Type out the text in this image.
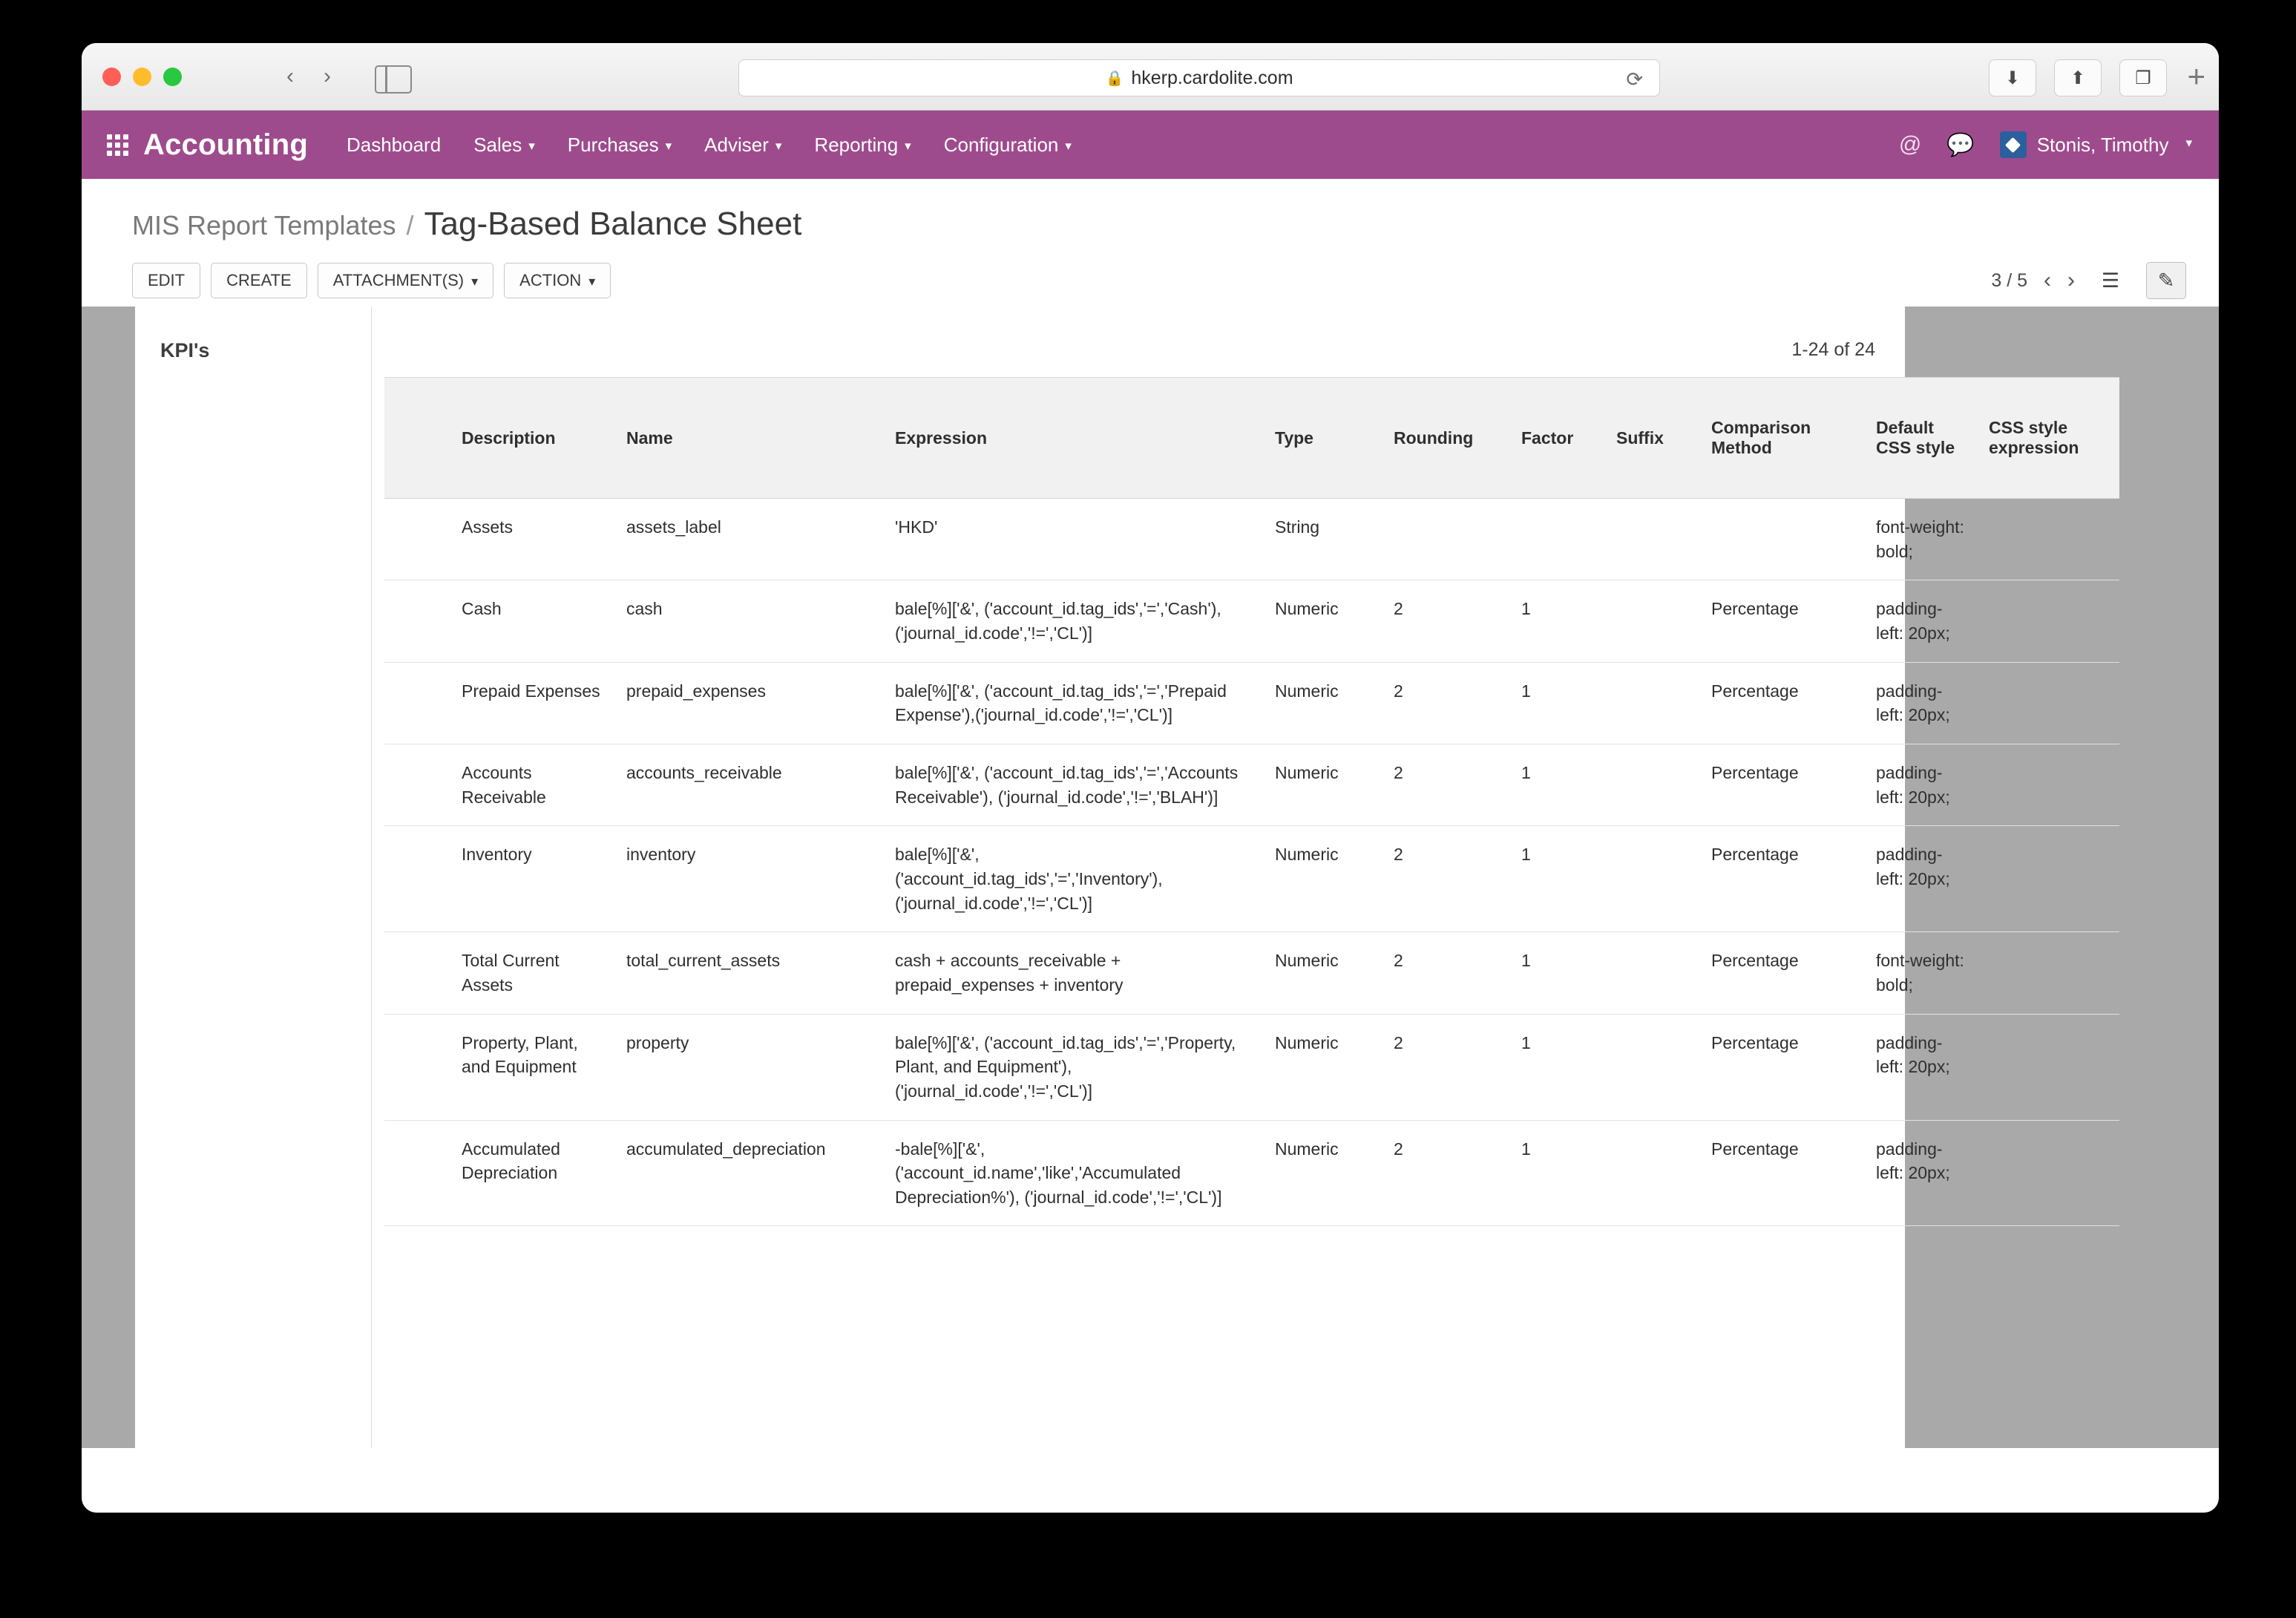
‹	›	🔒 hkerp.cardolite.com	⟳	⬇	⬆	❐	+
Accounting Dashboard Sales ▾ Purchases ▾ Adviser ▾ Reporting ▾ Configuration ▾	@ 💬	Stonis, Timothy ▾
MIS Report Templates / Tag-Based Balance Sheet
EDIT	CREATE	ATTACHMENT(S) ▾	ACTION ▾	3 / 5 ‹ ›	☰	✎
KPI's	1-24 of 24
	Description	Name	Expression	Type	Rounding	Factor	Suffix	Comparison Method	Default CSS style	CSS style expression
	Assets	assets_label	'HKD'	String					font-weight: bold;	
	Cash	cash	bale[%]['&', ('account_id.tag_ids','=','Cash'), ('journal_id.code','!=','CL')]	Numeric	2	1		Percentage	padding-left: 20px;	
	Prepaid Expenses	prepaid_expenses	bale[%]['&', ('account_id.tag_ids','=','Prepaid Expense'),('journal_id.code','!=','CL')]	Numeric	2	1		Percentage	padding-left: 20px;	
	Accounts Receivable	accounts_receivable	bale[%]['&', ('account_id.tag_ids','=','Accounts Receivable'), ('journal_id.code','!=','BLAH')]	Numeric	2	1		Percentage	padding-left: 20px;	
	Inventory	inventory	bale[%]['&', ('account_id.tag_ids','=','Inventory'), ('journal_id.code','!=','CL')]	Numeric	2	1		Percentage	padding-left: 20px;	
	Total Current Assets	total_current_assets	cash + accounts_receivable + prepaid_expenses + inventory	Numeric	2	1		Percentage	font-weight: bold;	
	Property, Plant, and Equipment	property	bale[%]['&', ('account_id.tag_ids','=','Property, Plant, and Equipment'), ('journal_id.code','!=','CL')]	Numeric	2	1		Percentage	padding-left: 20px;	
	Accumulated Depreciation	accumulated_depreciation	-bale[%]['&', ('account_id.name','like','Accumulated Depreciation%'), ('journal_id.code','!=','CL')]	Numeric	2	1		Percentage	padding-left: 20px;	
